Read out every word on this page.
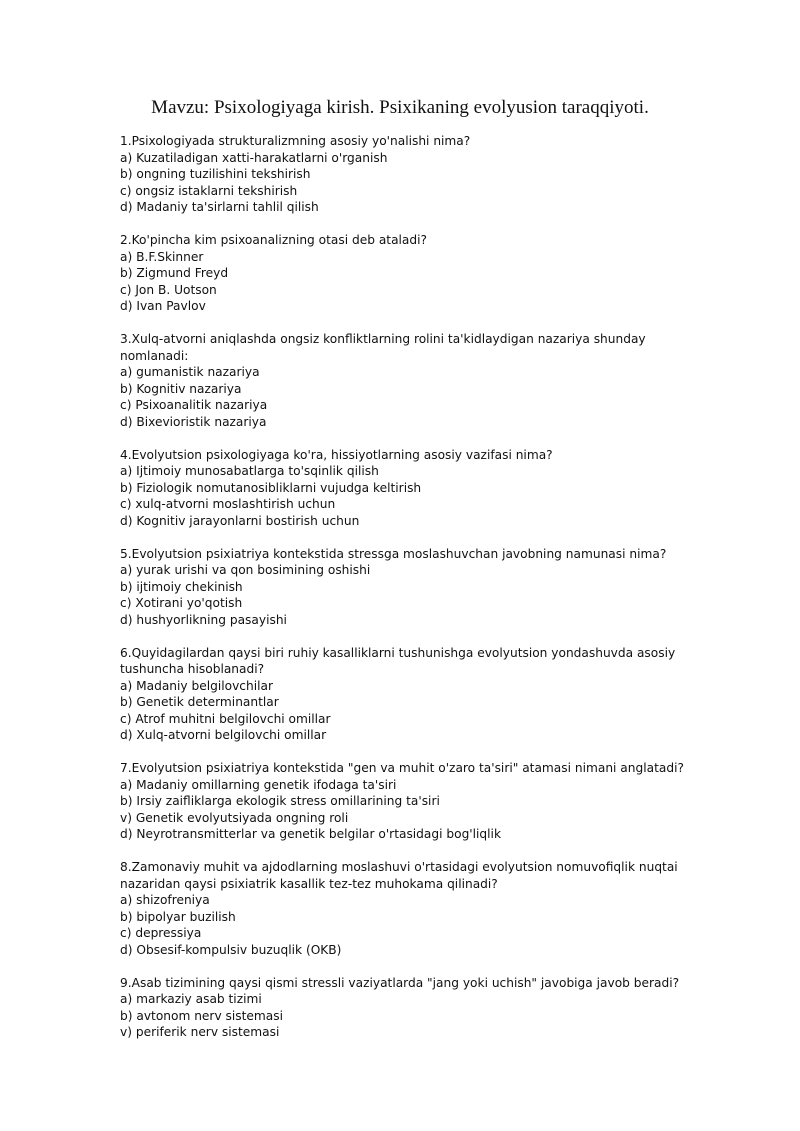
Mavzu: Psixologiyaga kirish. Psixikaning evolyusion taraqqiyoti.

1.Psixologiyada strukturalizmning asosiy yo'nalishi nima?

a) Kuzatiladigan xatti-harakatlarni o'rganish

b) ongning tuzilishini tekshirish

c) ongsiz istaklarni tekshirish

d) Madaniy ta'sirlarni tahlil qilish

2.Ko'pincha kim psixoanalizning otasi deb ataladi?

a) B.F.Skinner

b) Zigmund Freyd

c) Jon B. Uotson

d) Ivan Pavlov

3.Xulq-atvorni aniqlashda ongsiz konfliktlarning rolini ta'kidlaydigan nazariya shunday nomlanadi:

a) gumanistik nazariya

b) Kognitiv nazariya

c) Psixoanalitik nazariya

d) Bixevioristik nazariya

4.Evolyutsion psixologiyaga ko'ra, hissiyotlarning asosiy vazifasi nima?

a) Ijtimoiy munosabatlarga to'sqinlik qilish

b) Fiziologik nomutanosibliklarni vujudga keltirish

c) xulq-atvorni moslashtirish uchun

d) Kognitiv jarayonlarni bostirish uchun

5.Evolyutsion psixiatriya kontekstida stressga moslashuvchan javobning namunasi nima?

a) yurak urishi va qon bosimining oshishi

b) ijtimoiy chekinish

c) Xotirani yo'qotish

d) hushyorlikning pasayishi

6.Quyidagilardan qaysi biri ruhiy kasalliklarni tushunishga evolyutsion yondashuvda asosiy tushuncha hisoblanadi?

a) Madaniy belgilovchilar

b) Genetik determinantlar

c) Atrof muhitni belgilovchi omillar

d) Xulq-atvorni belgilovchi omillar

7.Evolyutsion psixiatriya kontekstida "gen va muhit o'zaro ta'siri" atamasi nimani anglatadi?

a) Madaniy omillarning genetik ifodaga ta'siri

b) Irsiy zaifliklarga ekologik stress omillarining ta'siri

v) Genetik evolyutsiyada ongning roli

d) Neyrotransmitterlar va genetik belgilar o'rtasidagi bog'liqlik

8.Zamonaviy muhit va ajdodlarning moslashuvi o'rtasidagi evolyutsion nomuvofiqlik nuqtai nazaridan qaysi psixiatrik kasallik tez-tez muhokama qilinadi?

a) shizofreniya

b) bipolyar buzilish

c) depressiya

d) Obsesif-kompulsiv buzuqlik (OKB)

9.Asab tizimining qaysi qismi stressli vaziyatlarda "jang yoki uchish" javobiga javob beradi?

a) markaziy asab tizimi

b) avtonom nerv sistemasi

v) periferik nerv sistemasi
